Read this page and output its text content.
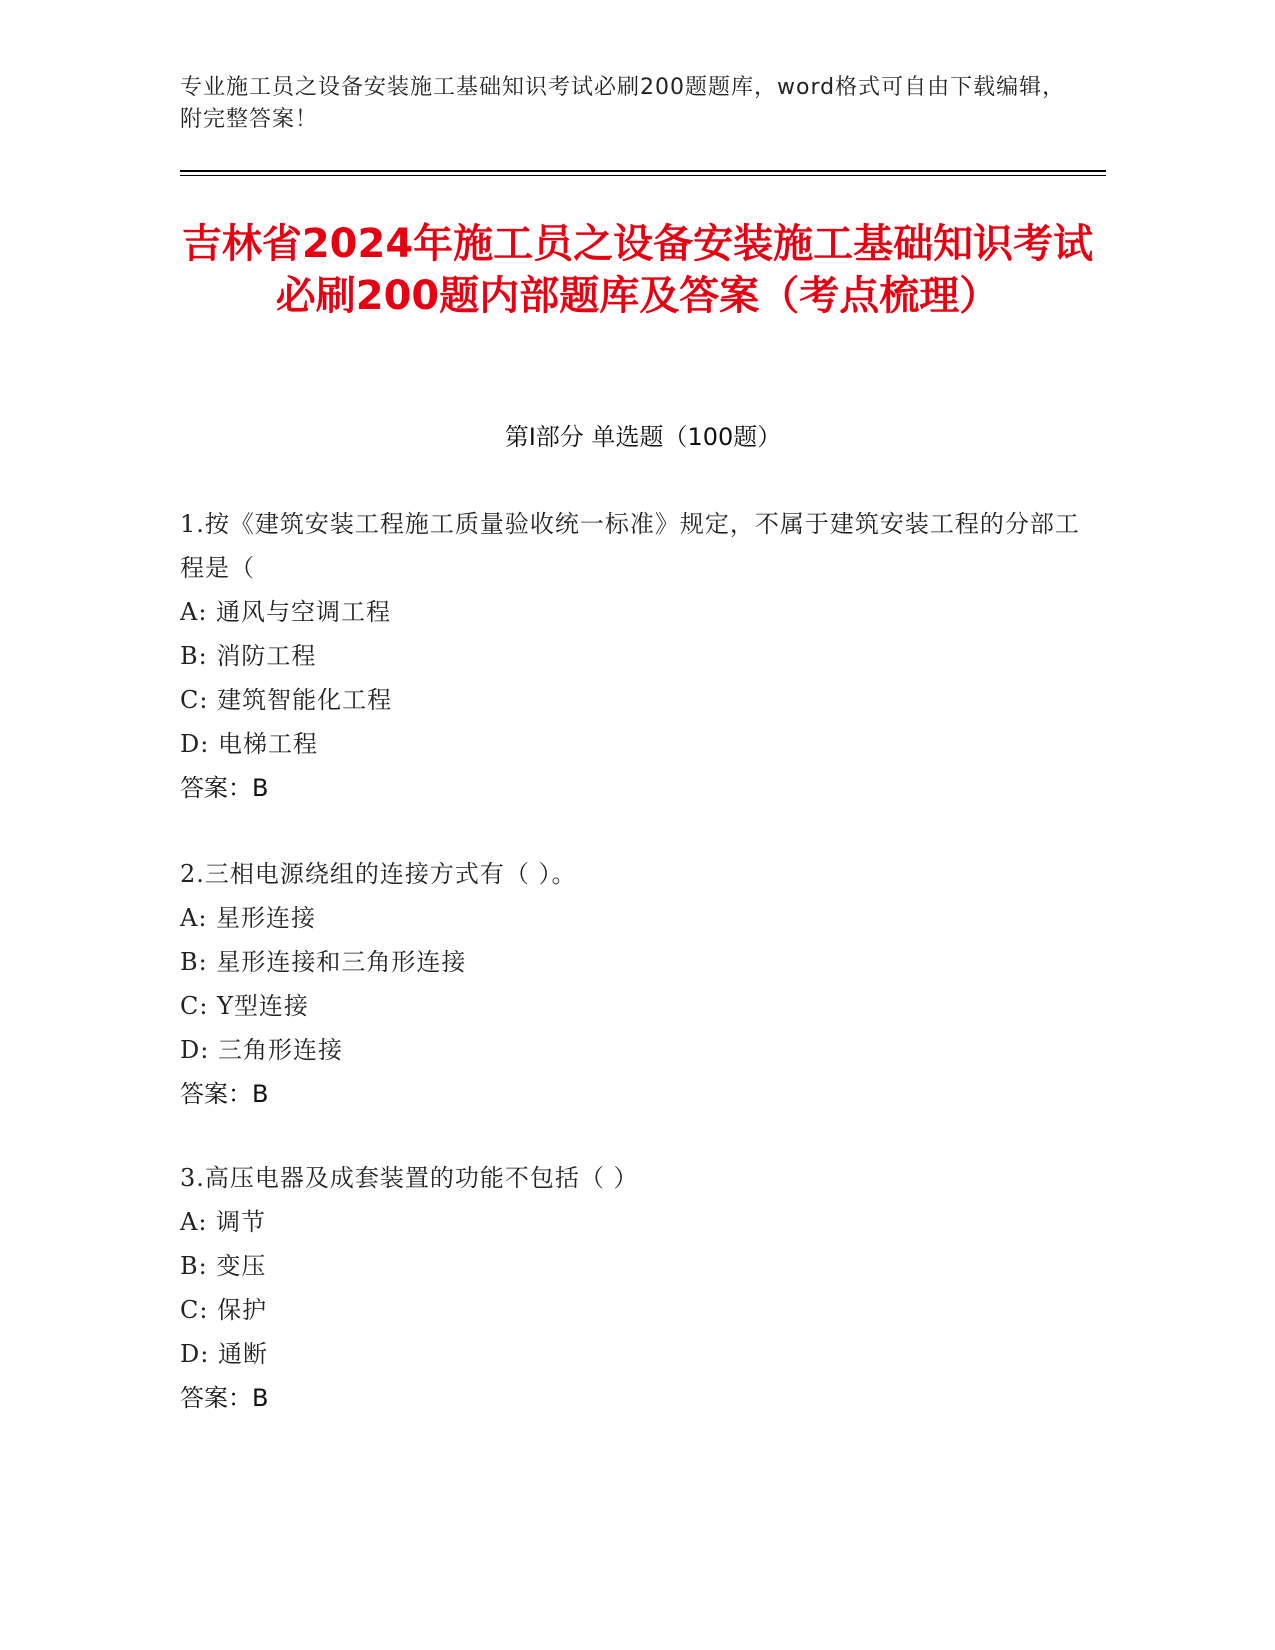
专业施工员之设备安装施工基础知识考试必刷200题题库，word格式可自由下载编辑，附完整答案！
吉林省2024年施工员之设备安装施工基础知识考试必刷200题内部题库及答案（考点梳理）
第I部分 单选题（100题）
1.按《建筑安装工程施工质量验收统一标准》规定，不属于建筑安装工程的分部工程是（
A: 通风与空调工程
B: 消防工程
C: 建筑智能化工程
D: 电梯工程
答案：B
2.三相电源绕组的连接方式有（ ）。
A: 星形连接
B: 星形连接和三角形连接
C: Y型连接
D: 三角形连接
答案：B
3.高压电器及成套装置的功能不包括（ ）
A: 调节
B: 变压
C: 保护
D: 通断
答案：B
